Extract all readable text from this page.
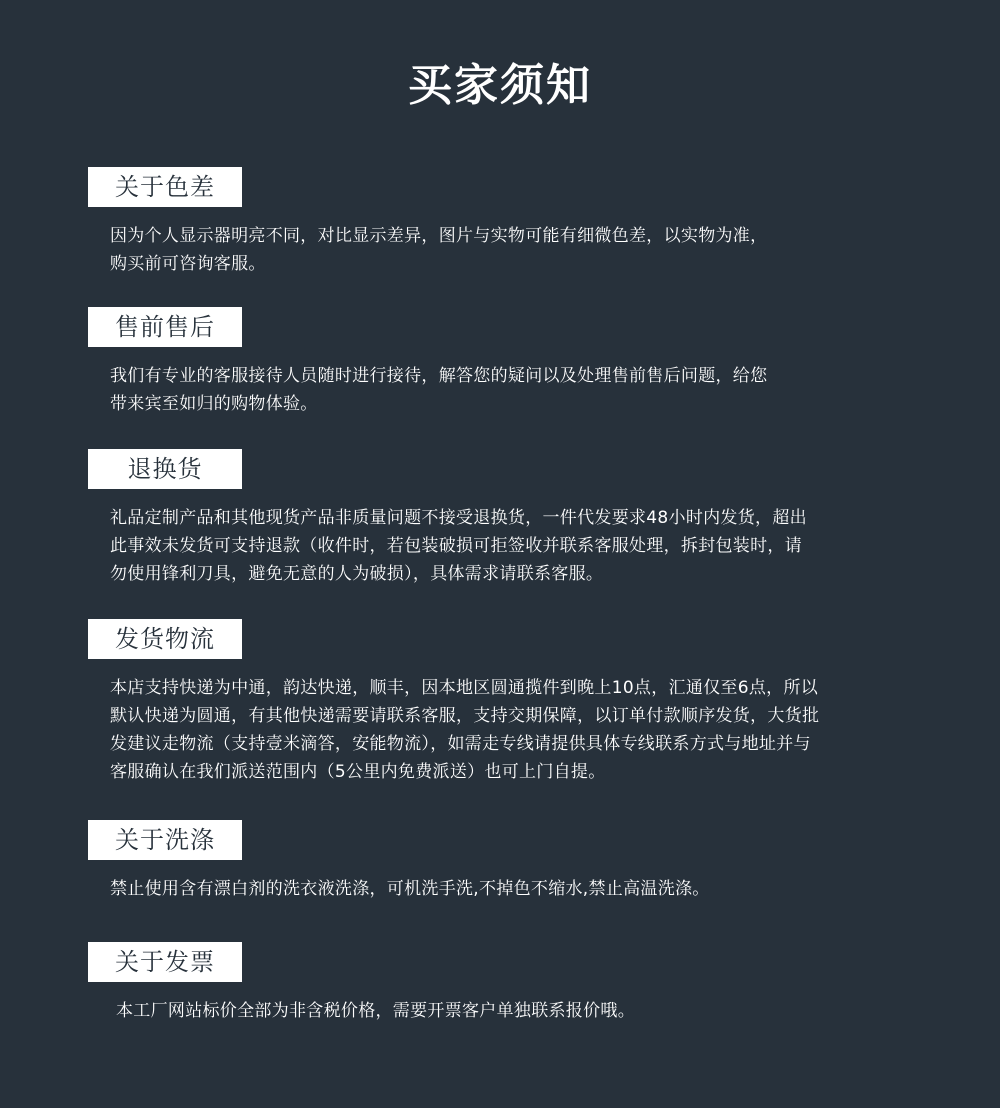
买家须知
关于色差

因为个人显示器明亮不同，对比显示差异，图片与实物可能有细微色差，以实物为准，
购买前可咨询客服。

售前售后

我们有专业的客服接待人员随时进行接待，解答您的疑问以及处理售前售后问题，给您
带来宾至如归的购物体验。

退换货

礼品定制产品和其他现货产品非质量问题不接受退换货，一件代发要求48小时内发货，超出
此事效未发货可支持退款（收件时，若包装破损可拒签收并联系客服处理，拆封包装时，请
勿使用锋利刀具，避免无意的人为破损），具体需求请联系客服。

发货物流

本店支持快递为中通，韵达快递，顺丰，因本地区圆通揽件到晚上10点，汇通仅至6点，所以
默认快递为圆通，有其他快递需要请联系客服，支持交期保障，以订单付款顺序发货，大货批
发建议走物流（支持壹米滴答，安能物流），如需走专线请提供具体专线联系方式与地址并与
客服确认在我们派送范围内（5公里内免费派送）也可上门自提。

关于洗涤

禁止使用含有漂白剂的洗衣液洗涤，可机洗手洗,不掉色不缩水,禁止高温洗涤。

关于发票

本工厂网站标价全部为非含税价格，需要开票客户单独联系报价哦。
